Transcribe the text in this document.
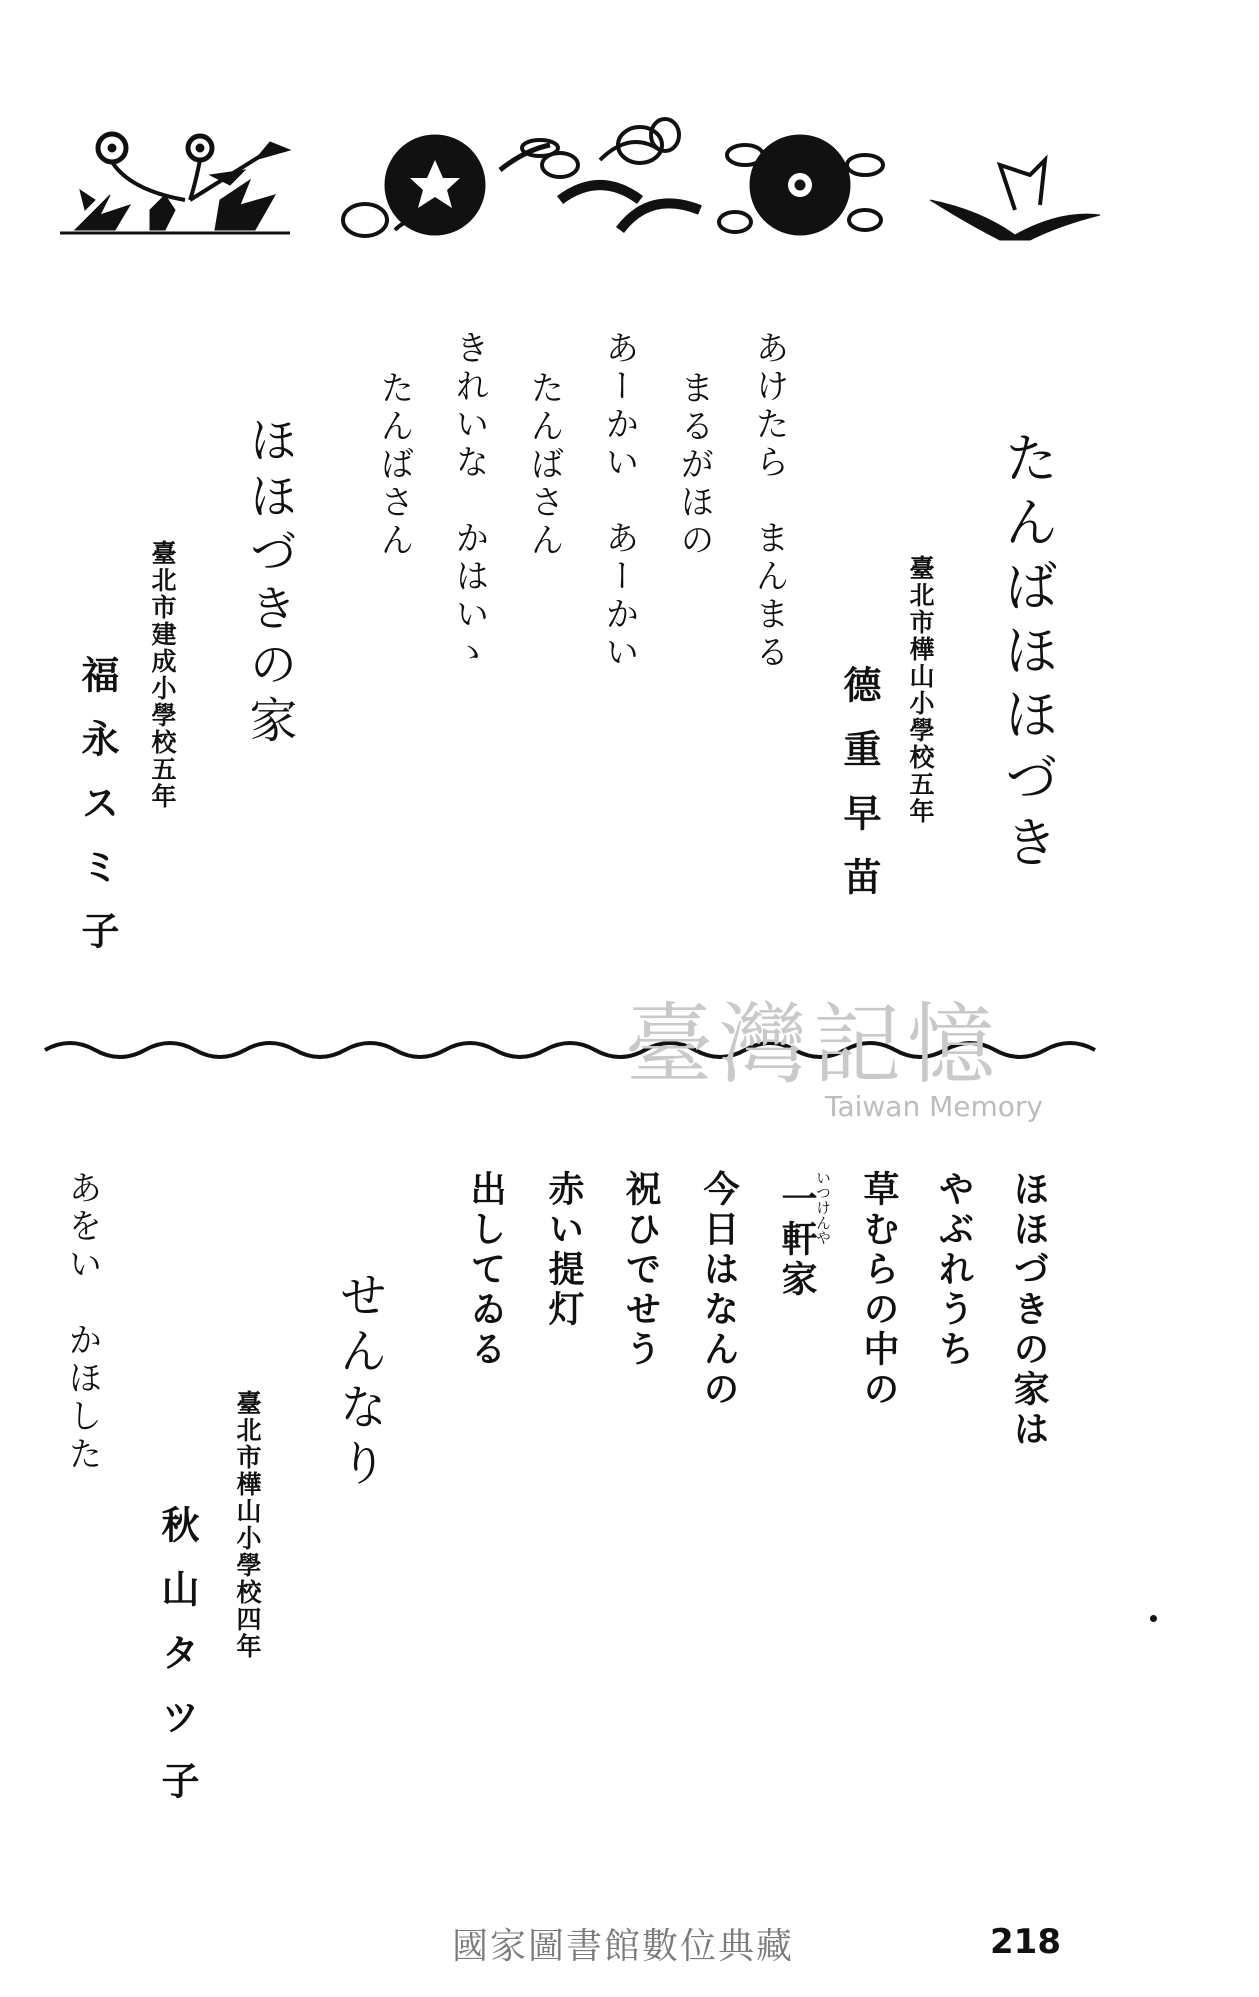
たんばほほづき
臺北市樺山小學校五年
德重早苗
あけたら　まんまる
まるがほの
あーかい　あーかい
たんばさん
きれいな　かはいゝ
たんばさん
ほほづきの家
臺北市建成小學校五年
福永スミ子
臺灣記憶
Taiwan Memory
ほほづきの家は
やぶれうち
草むらの中の
いつけんや
一軒家
今日はなんの
祝ひでせう
赤い提灯
出してゐる
せんなり
臺北市樺山小學校四年
秋山タツ子
あをい　かほした
國家圖書館數位典藏	218
